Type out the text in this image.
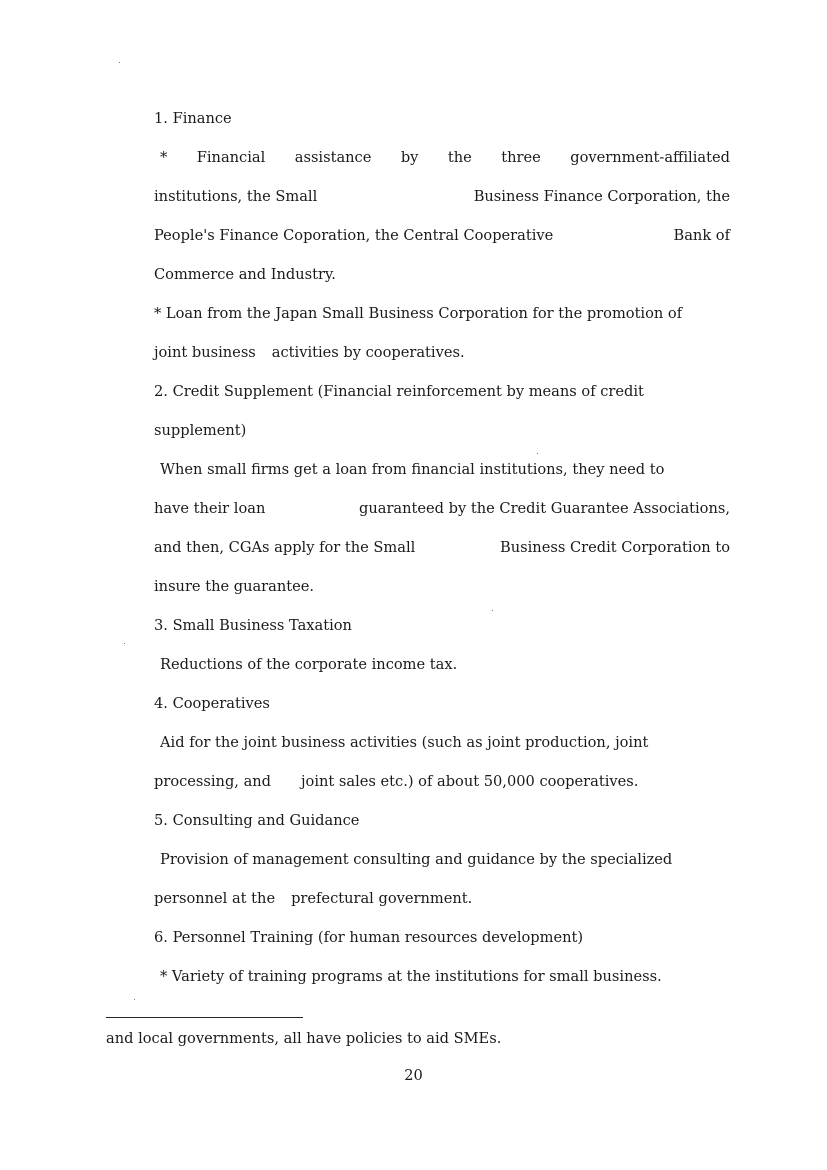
1. Finance
* Financial assistance by the three government-affiliated
institutions, the Small	Business Finance Corporation, the
People's Finance Coporation, the Central Cooperative	Bank of
Commerce and Industry.
* Loan from the Japan Small Business Corporation for the promotion of
joint business activities by cooperatives.
2. Credit Supplement (Financial reinforcement by means of credit
supplement)
When small firms get a loan from financial institutions, they need to
have their loan	guaranteed by the Credit Guarantee Associations,
and then, CGAs apply for the Small	Business Credit Corporation to
insure the guarantee.
3. Small Business Taxation
Reductions of the corporate income tax.
4. Cooperatives
Aid for the joint business activities (such as joint production, joint
processing, and joint sales etc.) of about 50,000 cooperatives.
5. Consulting and Guidance
Provision of management consulting and guidance by the specialized
personnel at the prefectural government.
6. Personnel Training (for human resources development)
* Variety of training programs at the institutions for small business.
and local governments, all have policies to aid SMEs.
20
